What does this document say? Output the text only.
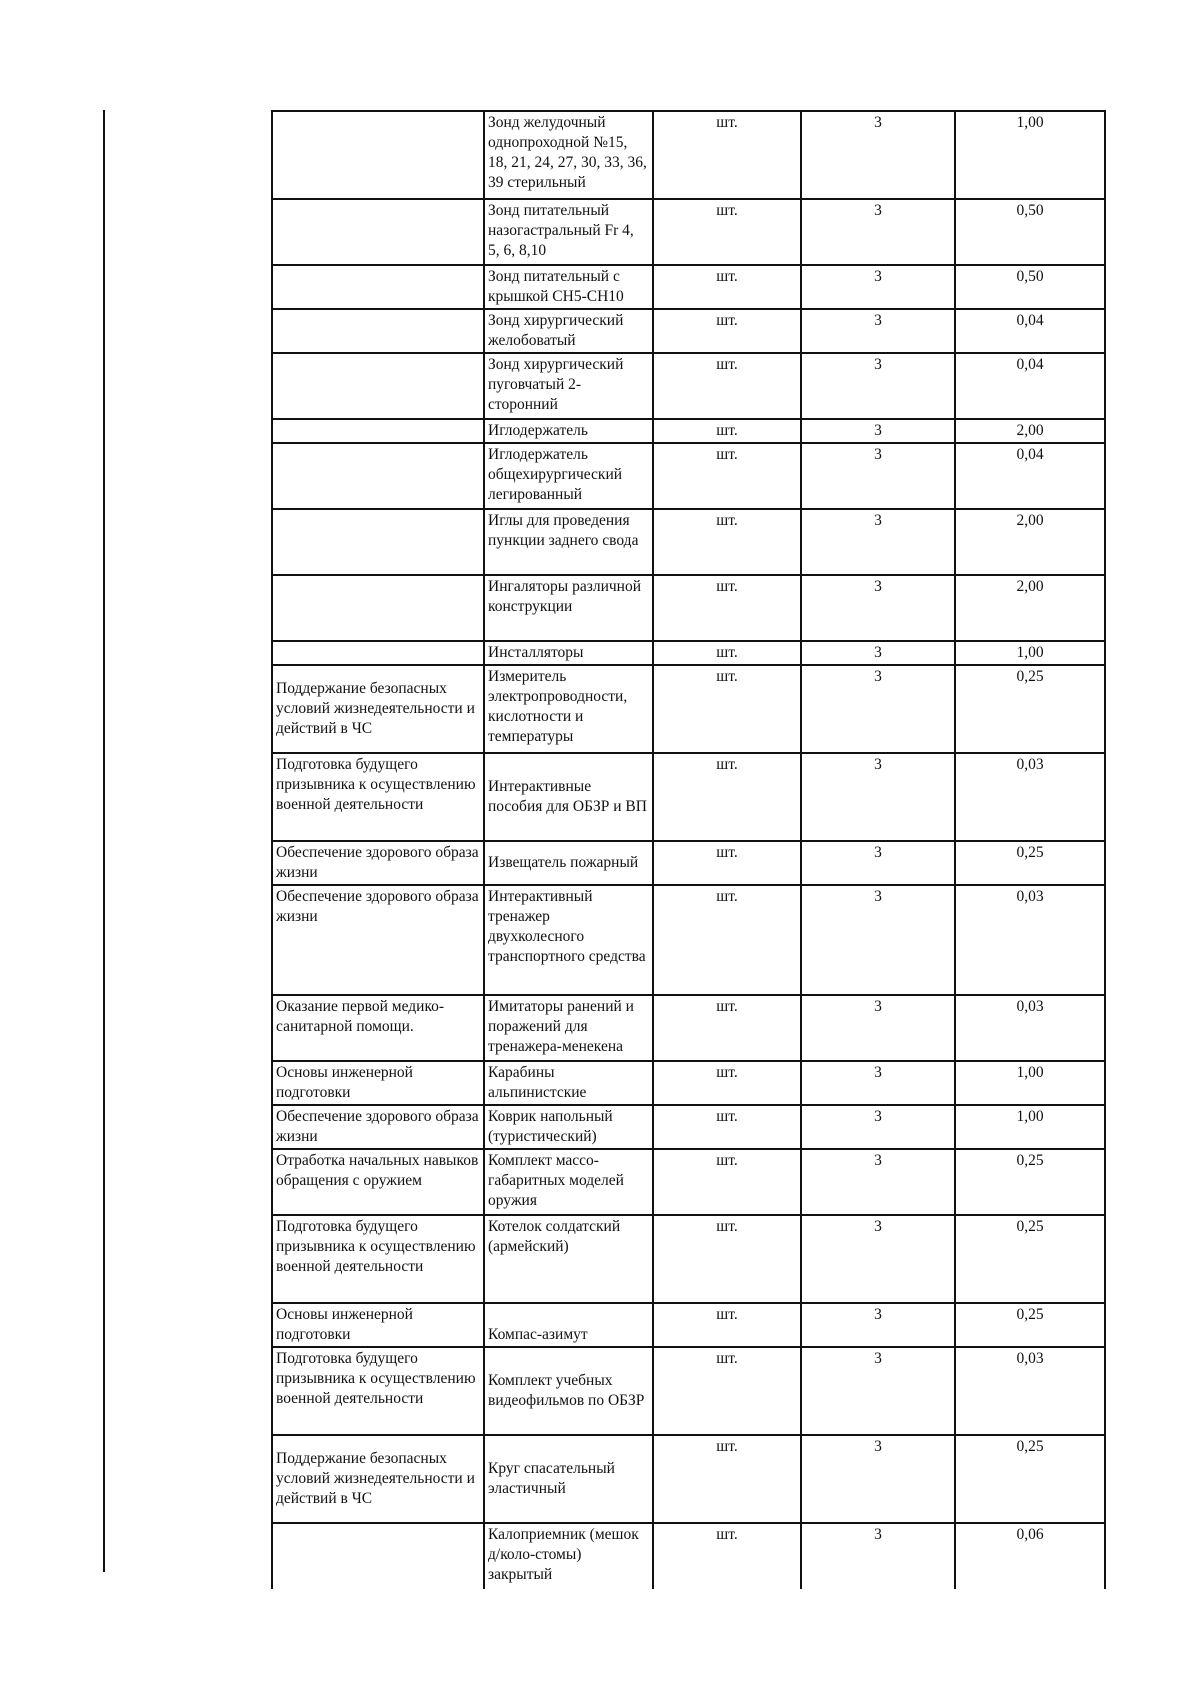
	Зонд желудочный однопроходной №15, 18, 21, 24, 27, 30, 33, 36, 39 стерильный	шт.	3	1,00
	Зонд питательный назогастральный Fr 4, 5, 6, 8,10	шт.	3	0,50
	Зонд питательный с крышкой CH5-CH10	шт.	3	0,50
	Зонд хирургический желобоватый	шт.	3	0,04
	Зонд хирургический пуговчатый 2-сторонний	шт.	3	0,04
	Иглодержатель	шт.	3	2,00
	Иглодержатель общехирургический легированный	шт.	3	0,04
	Иглы для проведения пункции заднего свода	шт.	3	2,00
	Ингаляторы различной конструкции	шт.	3	2,00
	Инсталляторы	шт.	3	1,00
Поддержание безопасных условий жизнедеятельности и действий в ЧС	Измеритель электропроводности, кислотности и температуры	шт.	3	0,25
Подготовка будущего призывника к осуществлению военной деятельности	Интерактивные пособия для ОБЗР и ВП	шт.	3	0,03
Обеспечение здорового образа жизни	Извещатель пожарный	шт.	3	0,25
Обеспечение здорового образа жизни	Интерактивный тренажер двухколесного транспортного средства	шт.	3	0,03
Оказание первой медико-санитарной помощи.	Имитаторы ранений и поражений для тренажера-менекена	шт.	3	0,03
Основы инженерной подготовки	Карабины альпинистские	шт.	3	1,00
Обеспечение здорового образа жизни	Коврик напольный (туристический)	шт.	3	1,00
Отработка начальных навыков обращения с оружием	Комплект массо-габаритных моделей оружия	шт.	3	0,25
Подготовка будущего призывника к осуществлению военной деятельности	Котелок солдатский (армейский)	шт.	3	0,25
Основы инженерной подготовки	Компас-азимут	шт.	3	0,25
Подготовка будущего призывника к осуществлению военной деятельности	Комплект учебных видеофильмов по ОБЗР	шт.	3	0,03
Поддержание безопасных условий жизнедеятельности и действий в ЧС	Круг спасательный эластичный	шт.	3	0,25
	Калоприемник (мешок д/коло-стомы) закрытый	шт.	3	0,06
